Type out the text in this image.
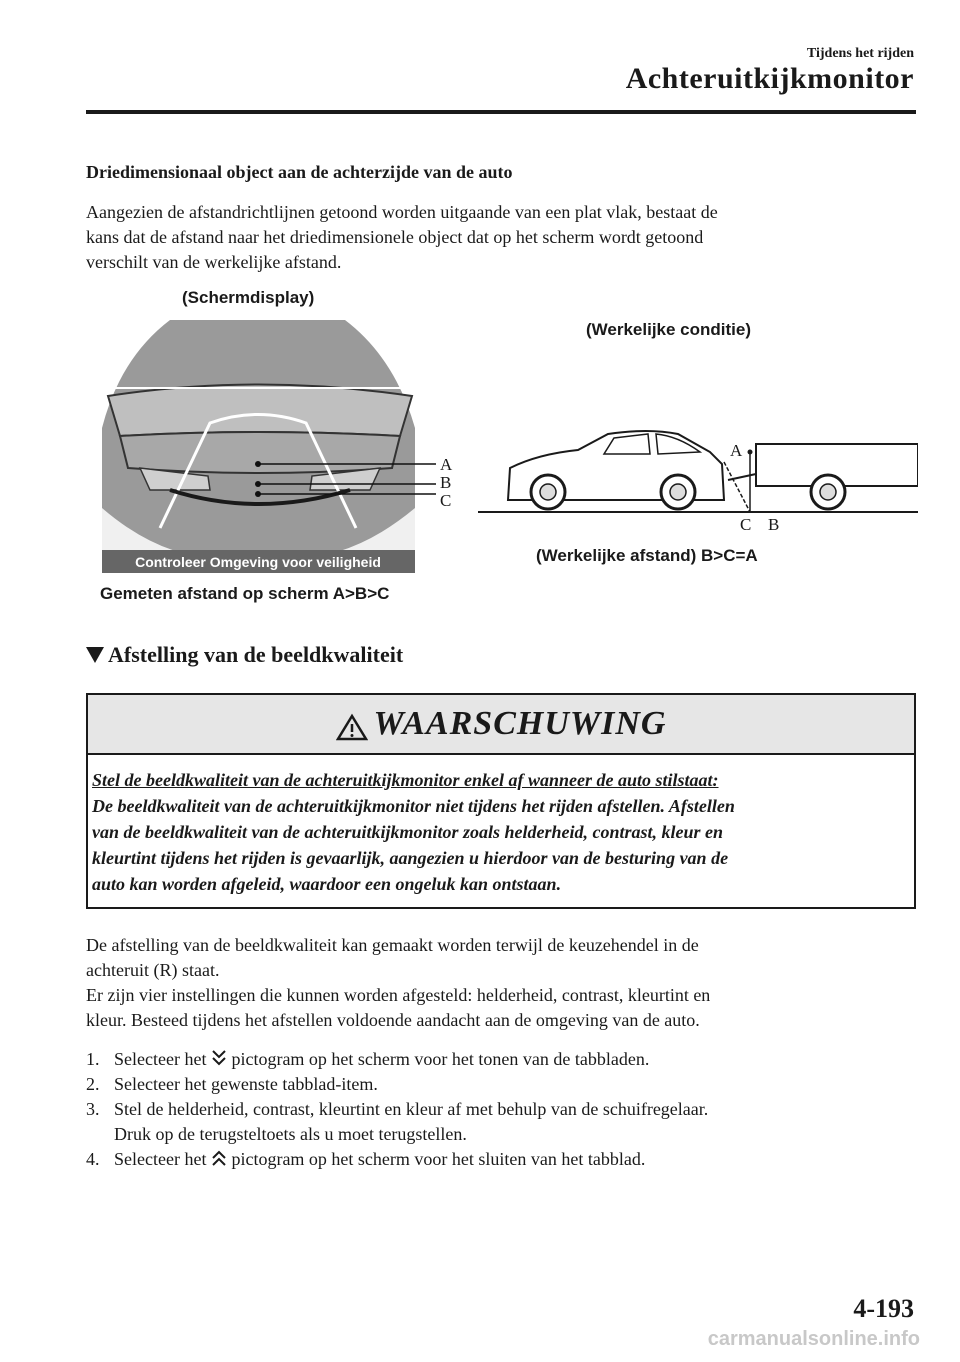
Tijdens het rijden
Achteruitkijkmonitor
Driedimensionaal object aan de achterzijde van de auto
Aangezien de afstandrichtlijnen getoond worden uitgaande van een plat vlak, bestaat de
kans dat de afstand naar het driedimensionele object dat op het scherm wordt getoond
verschilt van de werkelijke afstand.
(Schermdisplay)
(Werkelijke conditie)
A
B
C
Controleer Omgeving voor veiligheid
A
C B
(Werkelijke afstand) B>C=A
Gemeten afstand op scherm A>B>C
Afstelling van de beeldkwaliteit
WAARSCHUWING
Stel de beeldkwaliteit van de achteruitkijkmonitor enkel af wanneer de auto stilstaat:
De beeldkwaliteit van de achteruitkijkmonitor niet tijdens het rijden afstellen. Afstellen
van de beeldkwaliteit van de achteruitkijkmonitor zoals helderheid, contrast, kleur en
kleurtint tijdens het rijden is gevaarlijk, aangezien u hierdoor van de besturing van de
auto kan worden afgeleid, waardoor een ongeluk kan ontstaan.
De afstelling van de beeldkwaliteit kan gemaakt worden terwijl de keuzehendel in de
achteruit (R) staat.
Er zijn vier instellingen die kunnen worden afgesteld: helderheid, contrast, kleurtint en
kleur. Besteed tijdens het afstellen voldoende aandacht aan de omgeving van de auto.
1. Selecteer het pictogram op het scherm voor het tonen van de tabbladen.
2. Selecteer het gewenste tabblad-item.
3. Stel de helderheid, contrast, kleurtint en kleur af met behulp van de schuifregelaar.
Druk op de terugsteltoets als u moet terugstellen.
4. Selecteer het pictogram op het scherm voor het sluiten van het tabblad.
4-193
carmanualsonline.info
